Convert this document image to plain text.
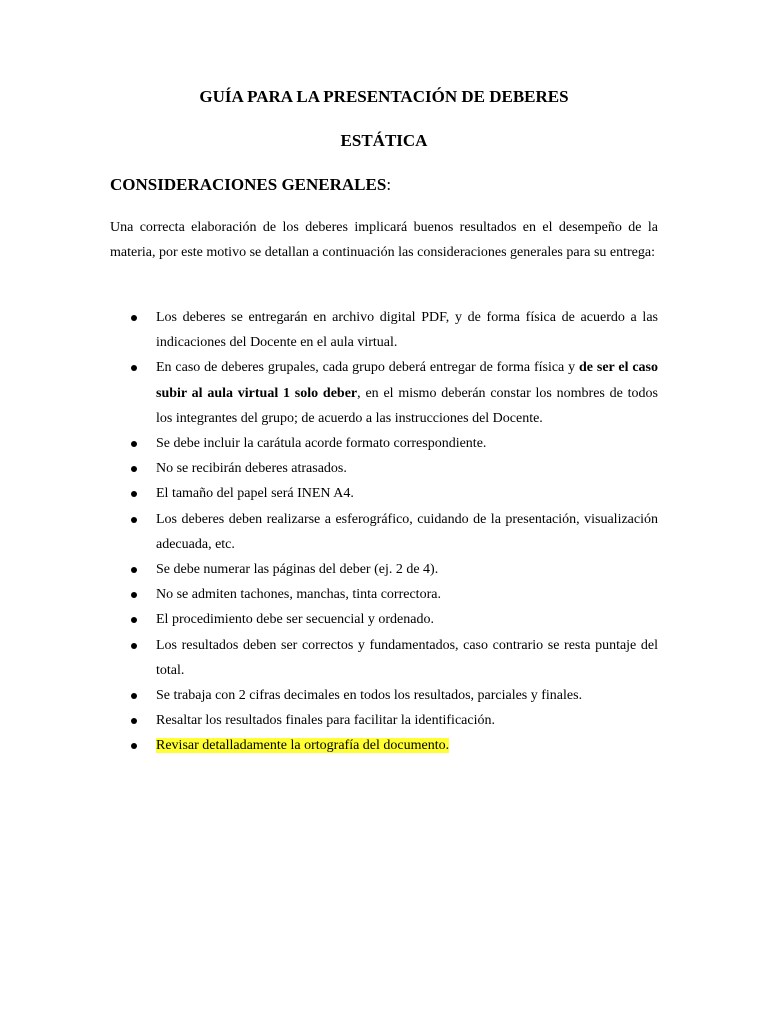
GUÍA PARA LA PRESENTACIÓN DE DEBERES
ESTÁTICA
CONSIDERACIONES GENERALES:

Una correcta elaboración de los deberes implicará buenos resultados en el desempeño de la materia, por este motivo se detallan a continuación las consideraciones generales para su entrega:

Los deberes se entregarán en archivo digital PDF, y de forma física de acuerdo a las indicaciones del Docente en el aula virtual.
En caso de deberes grupales, cada grupo deberá entregar de forma física y de ser el caso subir al aula virtual 1 solo deber, en el mismo deberán constar los nombres de todos los integrantes del grupo; de acuerdo a las instrucciones del Docente.
Se debe incluir la carátula acorde formato correspondiente.
No se recibirán deberes atrasados.
El tamaño del papel será INEN A4.
Los deberes deben realizarse a esferográfico, cuidando de la presentación, visualización adecuada, etc.
Se debe numerar las páginas del deber (ej. 2 de 4).
No se admiten tachones, manchas, tinta correctora.
El procedimiento debe ser secuencial y ordenado.
Los resultados deben ser correctos y fundamentados, caso contrario se resta puntaje del total.
Se trabaja con 2 cifras decimales en todos los resultados, parciales y finales.
Resaltar los resultados finales para facilitar la identificación.
Revisar detalladamente la ortografía del documento.
